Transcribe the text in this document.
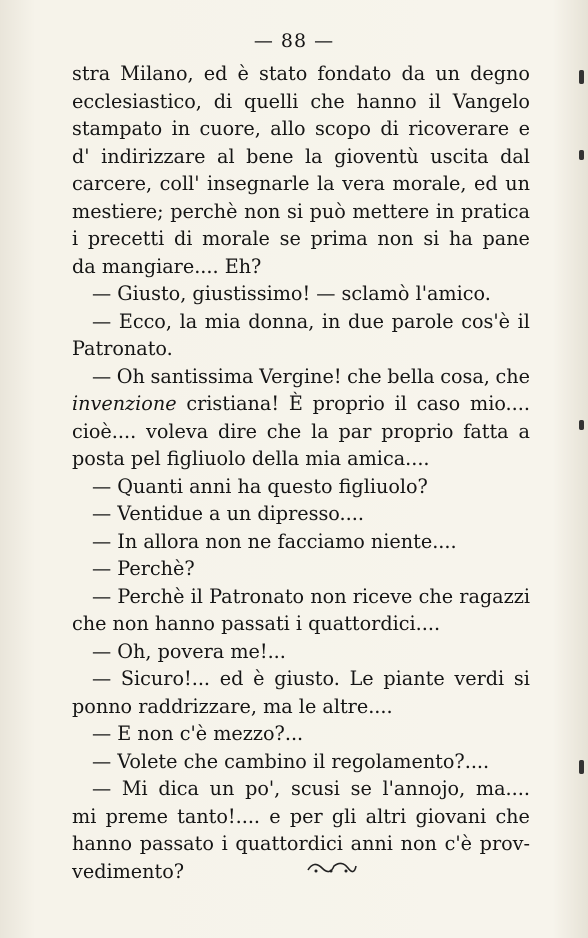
— 88 —
stra Milano, ed è stato fondato da un degno
ecclesiastico, di quelli che hanno il Vangelo
stampato in cuore, allo scopo di ricoverare e
d' indirizzare al bene la gioventù uscita dal
carcere, coll' insegnarle la vera morale, ed un
mestiere; perchè non si può mettere in pratica
i precetti di morale se prima non si ha pane
da mangiare.... Eh?
— Giusto, giustissimo! — sclamò l'amico.
— Ecco, la mia donna, in due parole cos'è il
Patronato.
— Oh santissima Vergine! che bella cosa, che
invenzione cristiana! È proprio il caso mio....
cioè.... voleva dire che la par proprio fatta a
posta pel figliuolo della mia amica....
— Quanti anni ha questo figliuolo?
— Ventidue a un dipresso....
— In allora non ne facciamo niente....
— Perchè?
— Perchè il Patronato non riceve che ragazzi
che non hanno passati i quattordici....
— Oh, povera me!...
— Sicuro!... ed è giusto. Le piante verdi si
ponno raddrizzare, ma le altre....
— E non c'è mezzo?...
— Volete che cambino il regolamento?....
— Mi dica un po', scusi se l'annojo, ma....
mi preme tanto!.... e per gli altri giovani che
hanno passato i quattordici anni non c'è prov-
vedimento?
